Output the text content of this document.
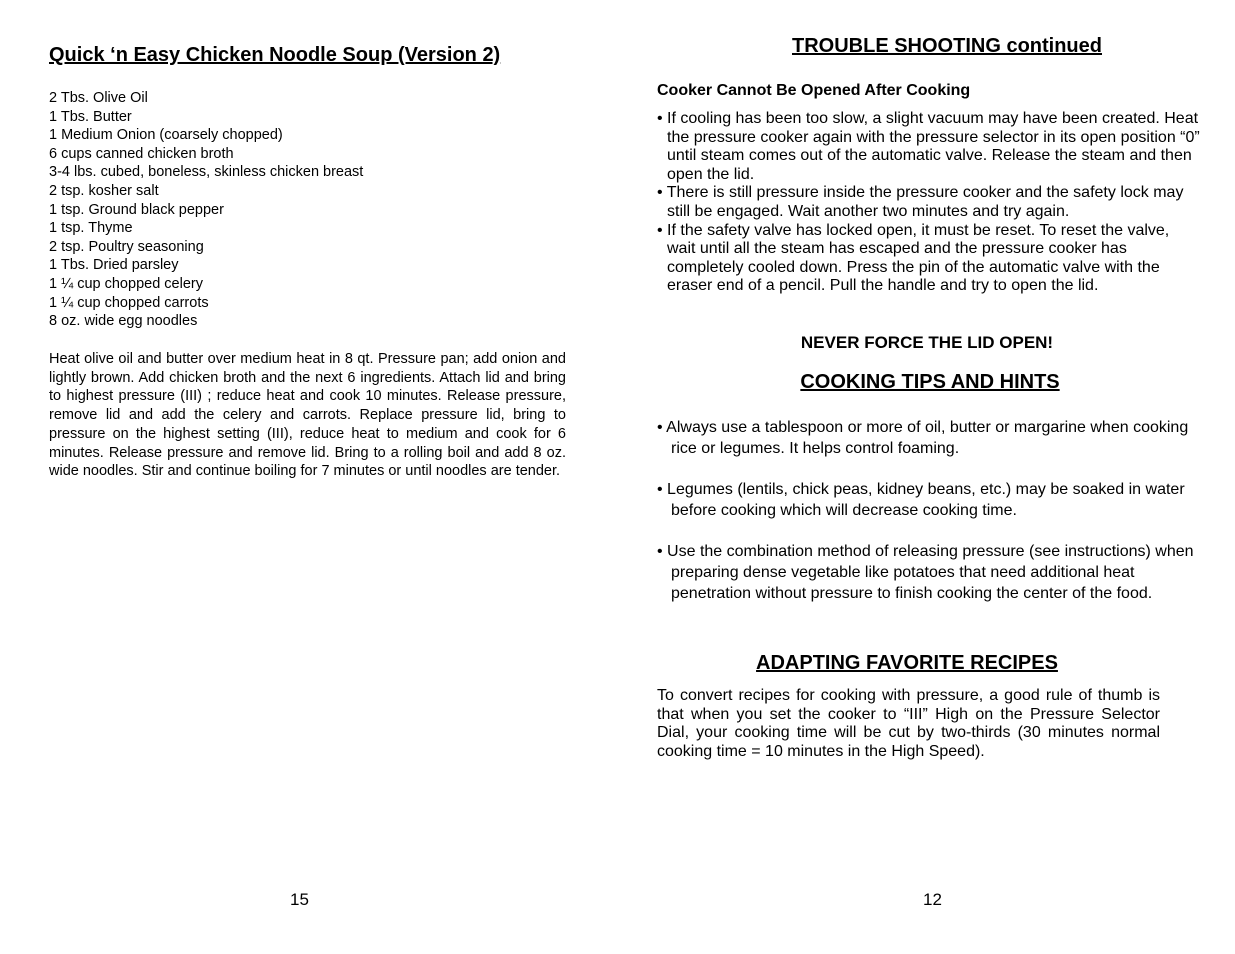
Quick ‘n Easy Chicken Noodle Soup (Version 2)
2 Tbs. Olive Oil
1 Tbs. Butter
1 Medium Onion (coarsely chopped)
6 cups canned chicken broth
3-4 lbs. cubed, boneless, skinless chicken breast
2 tsp. kosher salt
1 tsp. Ground black pepper
1 tsp. Thyme
2 tsp. Poultry seasoning
1 Tbs. Dried parsley
1 ¼ cup chopped celery
1 ¼ cup chopped carrots
8 oz. wide egg noodles

Heat olive oil and butter over medium heat in 8 qt. Pressure pan; add onion and lightly brown. Add chicken broth and the next 6 ingredients. Attach lid and bring to highest pressure (III) ; reduce heat and cook 10 minutes. Release pressure, remove lid and add the celery and carrots. Replace pressure lid, bring to pressure on the highest setting (III), reduce heat to medium and cook for 6 minutes. Release pressure and remove lid. Bring to a rolling boil and add 8 oz. wide noodles. Stir and continue boiling for 7 minutes or until noodles are tender.

15
TROUBLE SHOOTING continued

Cooker Cannot Be Opened After Cooking

• If cooling has been too slow, a slight vacuum may have been created. Heat the pressure cooker again with the pressure selector in its open position “0” until steam comes out of the automatic valve. Release the steam and then open the lid.
• There is still pressure inside the pressure cooker and the safety lock may still be engaged. Wait another two minutes and try again.
• If the safety valve has locked open, it must be reset. To reset the valve, wait until all the steam has escaped and the pressure cooker has completely cooled down. Press the pin of the automatic valve with the eraser end of a pencil. Pull the handle and try to open the lid.

NEVER FORCE THE LID OPEN!

COOKING TIPS AND HINTS
• Always use a tablespoon or more of oil, butter or margarine when cooking rice or legumes. It helps control foaming.
• Legumes (lentils, chick peas, kidney beans, etc.) may be soaked in water before cooking which will decrease cooking time.
• Use the combination method of releasing pressure (see instructions) when preparing dense vegetable like potatoes that need additional heat penetration without pressure to finish cooking the center of the food.
ADAPTING FAVORITE RECIPES

To convert recipes for cooking with pressure, a good rule of thumb is that when you set the cooker to “III” High on the Pressure Selector Dial, your cooking time will be cut by two-thirds (30 minutes normal cooking time = 10 minutes in the High Speed).

12
